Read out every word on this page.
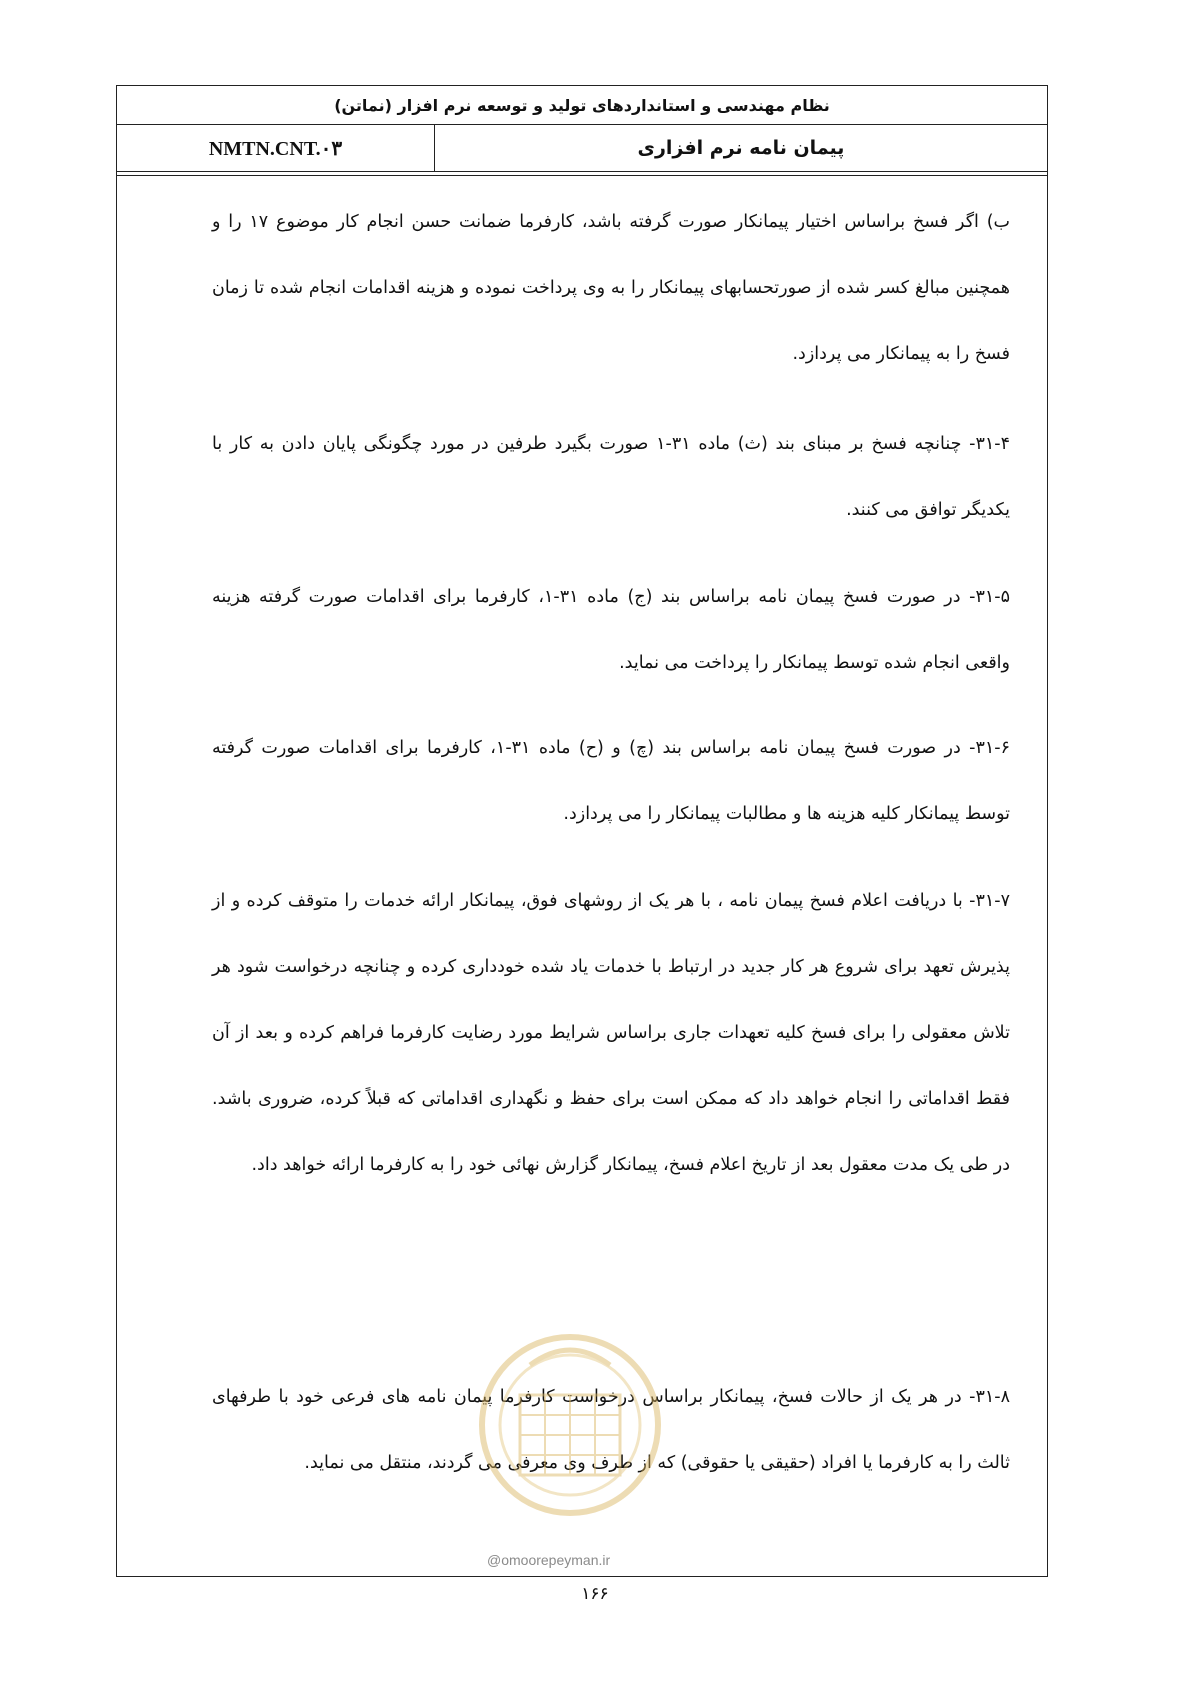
نظام مهندسی و استانداردهای تولید و توسعه نرم افزار (نماتن)
پیمان نامه نرم افزاری
NMTN.CNT.۰۳
ب) اگر فسخ براساس اختیار پیمانکار صورت گرفته باشد، کارفرما ضمانت حسن انجام کار موضوع ۱۷ را و همچنین مبالغ کسر شده از صورتحسابهای پیمانکار را به وی پرداخت نموده و هزینه اقدامات انجام شده تا زمان فسخ را به پیمانکار می پردازد.
۳۱-۴- چنانچه فسخ بر مبنای بند (ث) ماده ۳۱-۱ صورت بگیرد طرفین در مورد چگونگی پایان دادن به کار با یکدیگر توافق می کنند.
۳۱-۵- در صورت فسخ پیمان نامه براساس بند (ج) ماده ۳۱-۱، کارفرما برای اقدامات صورت گرفته هزینه واقعی انجام شده توسط پیمانکار را پرداخت می نماید.
۳۱-۶- در صورت فسخ پیمان نامه براساس بند (چ) و (ح) ماده ۳۱-۱، کارفرما برای اقدامات صورت گرفته توسط پیمانکار کلیه هزینه ها و مطالبات پیمانکار را می پردازد.
۳۱-۷- با دریافت اعلام فسخ پیمان نامه ، با هر یک از روشهای فوق، پیمانکار ارائه خدمات را متوقف کرده و از پذیرش تعهد برای شروع هر کار جدید در ارتباط با خدمات یاد شده خودداری کرده و چنانچه درخواست شود هر تلاش معقولی را برای فسخ کلیه تعهدات جاری براساس شرایط مورد رضایت کارفرما فراهم کرده و بعد از آن فقط اقداماتی را انجام خواهد داد که ممکن است برای حفظ و نگهداری اقداماتی که قبلاً کرده، ضروری باشد. در طی یک مدت معقول بعد از تاریخ اعلام فسخ، پیمانکار گزارش نهائی خود را به کارفرما ارائه خواهد داد.
۳۱-۸- در هر یک از حالات فسخ، پیمانکار براساس درخواست کارفرما پیمان نامه های فرعی خود با طرفهای ثالث را به کارفرما یا افراد (حقیقی یا حقوقی) که از طرف وی معرفی می گردند، منتقل می نماید.
@omoorepeyman.ir
۱۶۶
